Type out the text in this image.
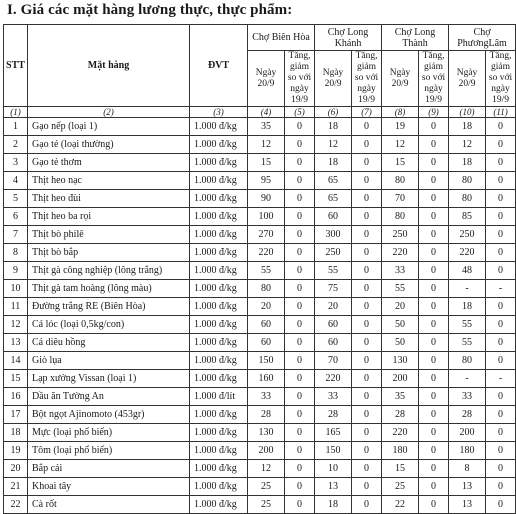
I. Giá các mặt hàng lương thực, thực phẩm:
STT	Mặt hàng	ĐVT	Chợ Biên Hòa		Chợ Long Khánh		Chợ Long Thành		Chợ PhươngLâm	
			Ngày 20/9	Tăng, giảm so với ngày 19/9	Ngày 20/9	Tăng, giảm so với ngày 19/9	Ngày 20/9	Tăng, giảm so với ngày 19/9	Ngày 20/9	Tăng, giảm so với ngày 19/9
(1)	(2)	(3)	(4)	(5)	(6)	(7)	(8)	(9)	(10)	(11)
1	Gạo nếp (loại 1)	1.000 đ/kg	35	0	18	0	19	0	18	0
2	Gạo tẻ (loại thường)	1.000 đ/kg	12	0	12	0	12	0	12	0
3	Gạo tẻ thơm	1.000 đ/kg	15	0	18	0	15	0	18	0
4	Thịt heo nạc	1.000 đ/kg	95	0	65	0	80	0	80	0
5	Thịt heo đùi	1.000 đ/kg	90	0	65	0	70	0	80	0
6	Thịt heo ba rọi	1.000 đ/kg	100	0	60	0	80	0	85	0
7	Thịt bò philê	1.000 đ/kg	270	0	300	0	250	0	250	0
8	Thịt bò bắp	1.000 đ/kg	220	0	250	0	220	0	220	0
9	Thịt gà công nghiệp (lông trắng)	1.000 đ/kg	55	0	55	0	33	0	48	0
10	Thịt gà tam hoàng (lông màu)	1.000 đ/kg	80	0	75	0	55	0	-	-
11	Đường trắng RE (Biên Hòa)	1.000 đ/kg	20	0	20	0	20	0	18	0
12	Cá lóc (loại 0,5kg/con)	1.000 đ/kg	60	0	60	0	50	0	55	0
13	Cá diêu hồng	1.000 đ/kg	60	0	60	0	50	0	55	0
14	Giò lụa	1.000 đ/kg	150	0	70	0	130	0	80	0
15	Lạp xưởng Vissan (loại 1)	1.000 đ/kg	160	0	220	0	200	0	-	-
16	Dầu ăn Tường An	1.000 đ/lít	33	0	33	0	35	0	33	0
17	Bột ngọt Ajinomoto (453gr)	1.000 đ/kg	28	0	28	0	28	0	28	0
18	Mực (loại phổ biến)	1.000 đ/kg	130	0	165	0	220	0	200	0
19	Tôm (loại phổ biến)	1.000 đ/kg	200	0	150	0	180	0	180	0
20	Bắp cải	1.000 đ/kg	12	0	10	0	15	0	8	0
21	Khoai tây	1.000 đ/kg	25	0	13	0	25	0	13	0
22	Cà rốt	1.000 đ/kg	25	0	18	0	22	0	13	0
